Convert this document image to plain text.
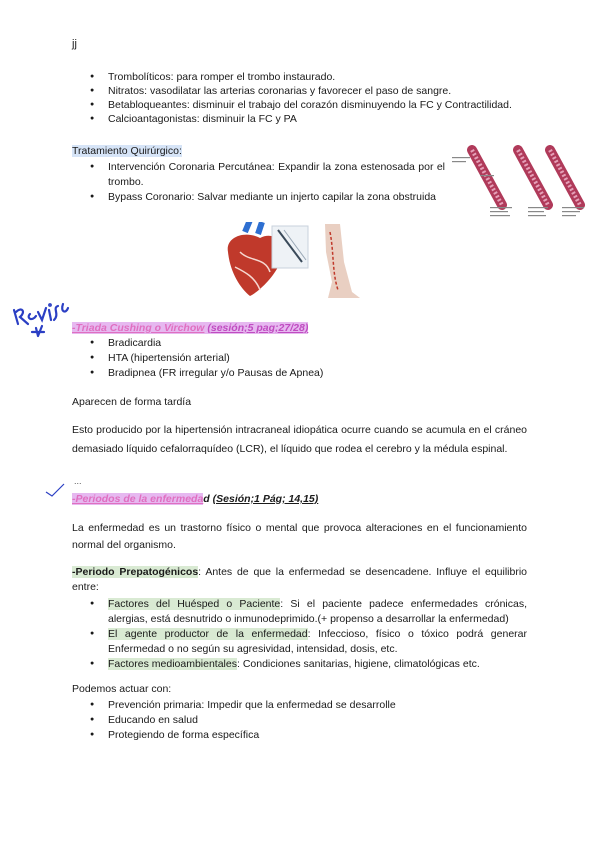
jj
● Trombolíticos: para romper el trombo instaurado.
● Nitratos: vasodilatar las arterias coronarias y favorecer el paso de sangre.
● Betabloqueantes: disminuir el trabajo del corazón disminuyendo la FC y Contractilidad.
● Calcioantagonistas: disminuir la FC y PA
Tratamiento Quirúrgico:
● Intervención Coronaria Percutánea: Expandir la zona estenosada por el trombo.
● Bypass Coronario: Salvar mediante un injerto capilar la zona obstruida
-Triada Cushing o Virchow (sesión;5 pag;27/28)
● Bradicardia
● HTA (hipertensión arterial)
● Bradipnea (FR irregular y/o Pausas de Apnea)
Aparecen de forma tardía
Esto producido por la hipertensión intracraneal idiopática ocurre cuando se acumula en el cráneo demasiado líquido cefalorraquídeo (LCR), el líquido que rodea el cerebro y la médula espinal.
...
-Periodos de la enfermedad (Sesión;1 Pág; 14,15)
La enfermedad es un trastorno físico o mental que provoca alteraciones en el funcionamiento normal del organismo.
-Periodo Prepatogénicos: Antes de que la enfermedad se desencadene. Influye el equilibrio entre:
● Factores del Huésped o Paciente: Si el paciente padece enfermedades crónicas, alergias, está desnutrido o inmunodeprimido.(+ propenso a desarrollar la enfermedad)
● El agente productor de la enfermedad: Infeccioso, físico o tóxico podrá generar Enfermedad o no según su agresividad, intensidad, dosis, etc.
● Factores medioambientales: Condiciones sanitarias, higiene, climatológicas etc.
Podemos actuar con:
● Prevención primaria: Impedir que la enfermedad se desarrolle
● Educando en salud
● Protegiendo de forma específica
